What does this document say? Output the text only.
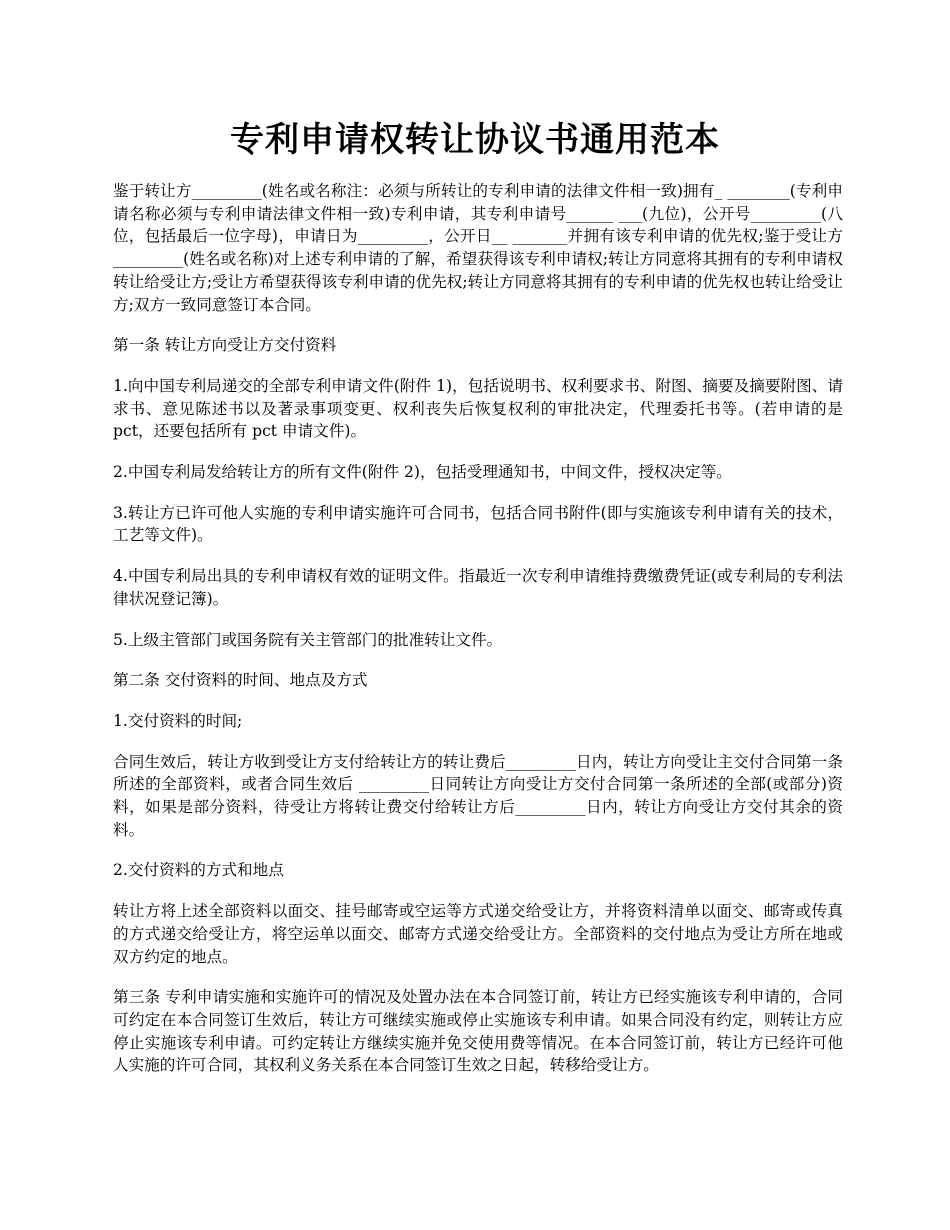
专利申请权转让协议书通用范本

鉴于转让方_________(姓名或名称注：必须与所转让的专利申请的法律文件相一致)拥有_ ________(专利申请名称必须与专利申请法律文件相一致)专利申请，其专利申请号______ ___(九位)，公开号_________(八位，包括最后一位字母)，申请日为_________，公开日__ _______并拥有该专利申请的优先权;鉴于受让方_________(姓名或名称)对上述专利申请的了解，希望获得该专利申请权;转让方同意将其拥有的专利申请权转让给受让方;受让方希望获得该专利申请的优先权;转让方同意将其拥有的专利申请的优先权也转让给受让方;双方一致同意签订本合同。

第一条 转让方向受让方交付资料

1.向中国专利局递交的全部专利申请文件(附件 1)，包括说明书、权利要求书、附图、摘要及摘要附图、请求书、意见陈述书以及著录事项变更、权利丧失后恢复权利的审批决定，代理委托书等。(若申请的是 pct，还要包括所有 pct 申请文件)。

2.中国专利局发给转让方的所有文件(附件 2)，包括受理通知书，中间文件，授权决定等。

3.转让方已许可他人实施的专利申请实施许可合同书，包括合同书附件(即与实施该专利申请有关的技术，工艺等文件)。

4.中国专利局出具的专利申请权有效的证明文件。指最近一次专利申请维持费缴费凭证(或专利局的专利法律状况登记簿)。

5.上级主管部门或国务院有关主管部门的批准转让文件。

第二条 交付资料的时间、地点及方式

1.交付资料的时间;

合同生效后，转让方收到受让方支付给转让方的转让费后_________日内，转让方向受让主交付合同第一条所述的全部资料，或者合同生效后 _________日同转让方向受让方交付合同第一条所述的全部(或部分)资料，如果是部分资料，待受让方将转让费交付给转让方后_________日内，转让方向受让方交付其余的资料。

2.交付资料的方式和地点

转让方将上述全部资料以面交、挂号邮寄或空运等方式递交给受让方，并将资料清单以面交、邮寄或传真的方式递交给受让方，将空运单以面交、邮寄方式递交给受让方。全部资料的交付地点为受让方所在地或双方约定的地点。

第三条 专利申请实施和实施许可的情况及处置办法在本合同签订前，转让方已经实施该专利申请的，合同可约定在本合同签订生效后，转让方可继续实施或停止实施该专利申请。如果合同没有约定，则转让方应停止实施该专利申请。可约定转让方继续实施并免交使用费等情况。在本合同签订前，转让方已经许可他人实施的许可合同，其权利义务关系在本合同签订生效之日起，转移给受让方。
